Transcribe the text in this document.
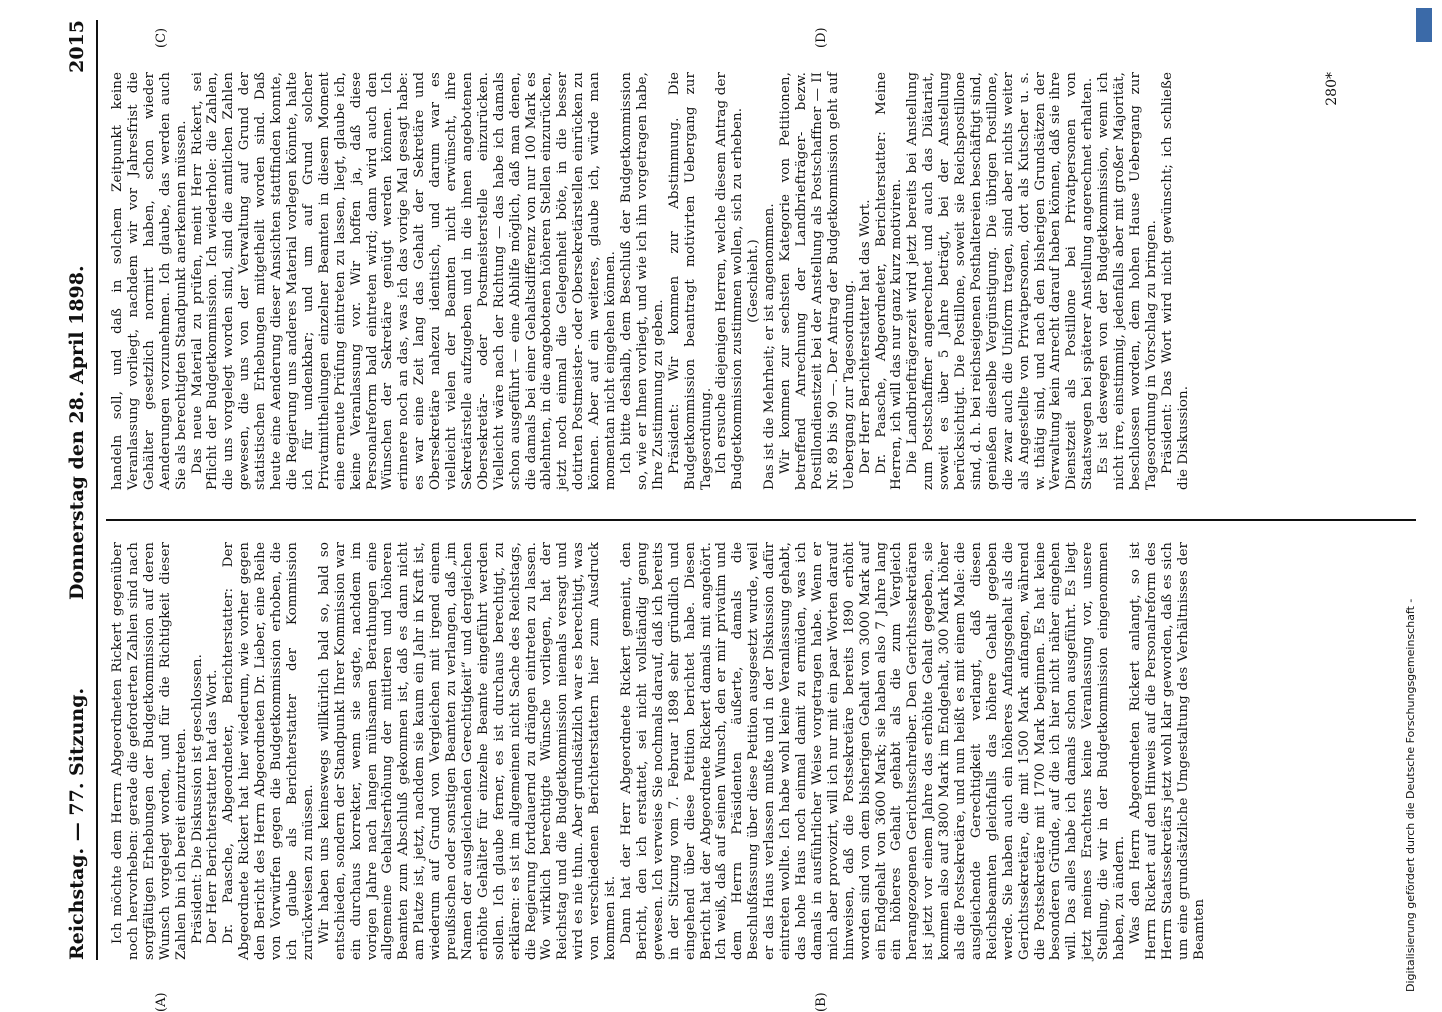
Reichstag. — 77. Sitzung.
Donnerstag den 28. April 1898.
2015
(A)	(B)
(C)	(D)

Ich möchte dem Herrn Abgeordneten Rickert gegenüber noch hervorheben: gerade die geforderten Zahlen sind nach sorgfältigen Erhebungen der Budgetkommission auf deren Wunsch vorgelegt worden, und für die Richtigkeit dieser Zahlen bin ich bereit einzutreten. Präsident: Die Diskussion ist geschlossen. Der Herr Berichterstatter hat das Wort. Dr. Paasche, Abgeordneter, Berichterstatter: Der Abgeordnete Rickert hat hier wiederum, wie vorher gegen den Bericht des Herrn Abgeordneten Dr. Lieber, eine Reihe von Vorwürfen gegen die Budgetkommission erhoben, die ich glaube als Berichterstatter der Kommission zurückweisen zu müssen. Wir haben uns keineswegs willkürlich bald so, bald so entschieden, sondern der Standpunkt Ihrer Kommission war ein durchaus korrekter, wenn sie sagte, nachdem im vorigen Jahre nach langen mühsamen Berathungen eine allgemeine Gehaltserhöhung der mittleren und höheren Beamten zum Abschluß gekommen ist, daß es dann nicht am Platze ist, jetzt, nachdem sie kaum ein Jahr in Kraft ist, wiederum auf Grund von Vergleichen mit irgend einem preußischen oder sonstigen Beamten zu verlangen, daß „im Namen der ausgleichenden Gerechtigkeit“ und dergleichen erhöhte Gehälter für einzelne Beamte eingeführt werden sollen. Ich glaube ferner, es ist durchaus berechtigt, zu erklären: es ist im allgemeinen nicht Sache des Reichstags, die Regierung fortdauernd zu drängen eintreten zu lassen. Wo wirklich berechtigte Wünsche vorliegen, hat der Reichstag und die Budgetkommission niemals versagt und wird es nie thun. Aber grundsätzlich war es berechtigt, was von verschiedenen Berichterstattern hier zum Ausdruck kommen ist. Dann hat der Herr Abgeordnete Rickert gemeint, den Bericht, den ich erstattet, sei nicht vollständig genug gewesen. Ich verweise Sie nochmals darauf, daß ich bereits in der Sitzung vom 7. Februar 1898 sehr gründlich und eingehend über diese Petition berichtet habe. Diesen Bericht hat der Abgeordnete Rickert damals mit angehört. Ich weiß, daß auf seinen Wunsch, den er mir privatim und dem Herrn Präsidenten äußerte, damals die Beschlußfassung über diese Petition ausgesetzt wurde, weil er das Haus verlassen mußte und in der Diskussion dafür eintreten wollte. Ich habe wohl keine Veranlassung gehabt, das hohe Haus noch einmal damit zu ermüden, was ich damals in ausführlicher Weise vorgetragen habe. Wenn er mich aber provozirt, will ich nur mit ein paar Worten darauf hinweisen, daß die Postsekretäre bereits 1890 erhöht worden sind von dem bisherigen Gehalt von 3000 Mark auf ein Endgehalt von 3600 Mark; sie haben also 7 Jahre lang ein höheres Gehalt gehabt als die zum Vergleich herangezogenen Gerichtsschreiber. Den Gerichtssekretären ist jetzt vor einem Jahre das erhöhte Gehalt gegeben, sie kommen also auf 3800 Mark im Endgehalt, 300 Mark höher als die Postsekretäre, und nun heißt es mit einem Male: die ausgleichende Gerechtigkeit verlangt, daß diesen Reichsbeamten gleichfalls das höhere Gehalt gegeben werde. Sie haben auch ein höheres Anfangsgehalt als die Gerichtssekretäre, die mit 1500 Mark anfangen, während die Postsekretäre mit 1700 Mark beginnen. Es hat keine besonderen Gründe, auf die ich hier nicht näher eingehen will. Das alles habe ich damals schon ausgeführt. Es liegt jetzt meines Erachtens keine Veranlassung vor, unsere Stellung, die wir in der Budgetkommission eingenommen haben, zu ändern. Was den Herrn Abgeordneten Rickert anlangt, so ist Herrn Rickert auf den Hinweis auf die Personalreform des Herrn Staatssekretärs jetzt wohl klar geworden, daß es sich um eine grundsätzliche Umgestaltung des Verhältnisses der Beamten

handeln soll, und daß in solchem Zeitpunkt keine Veranlassung vorliegt, nachdem wir vor Jahresfrist die Gehälter gesetzlich normirt haben, schon wieder Aenderungen vorzunehmen. Ich glaube, das werden auch Sie als berechtigten Standpunkt anerkennen müssen. Das neue Material zu prüfen, meint Herr Rickert, sei Pflicht der Budgetkommission. Ich wiederhole: die Zahlen, die uns vorgelegt worden sind, sind die amtlichen Zahlen gewesen, die uns von der Verwaltung auf Grund der statistischen Erhebungen mitgetheilt worden sind. Daß heute eine Aenderung dieser Ansichten stattfinden konnte, die Regierung uns anderes Material vorlegen könnte, halte ich für undenkbar; und um auf Grund solcher Privatmittheilungen einzelner Beamten in diesem Moment eine erneute Prüfung eintreten zu lassen, liegt, glaube ich, keine Veranlassung vor. Wir hoffen ja, daß diese Personalreform bald eintreten wird; dann wird auch den Wünschen der Sekretäre genügt werden können. Ich erinnere noch an das, was ich das vorige Mal gesagt habe: es war eine Zeit lang das Gehalt der Sekretäre und Obersekretäre nahezu identisch, und darum war es vielleicht vielen der Beamten nicht erwünscht, ihre Sekretärstelle aufzugeben und in die ihnen angebotenen Obersekretär- oder Postmeisterstelle einzurücken. Vielleicht wäre nach der Richtung — das habe ich damals schon ausgeführt — eine Abhilfe möglich, daß man denen, die damals bei einer Gehaltsdifferenz von nur 100 Mark es ablehnten, in die angebotenen höheren Stellen einzurücken, jetzt noch einmal die Gelegenheit böte, in die besser dotirten Postmeister- oder Obersekretärstellen einrücken zu können. Aber auf ein weiteres, glaube ich, würde man momentan nicht eingehen können. Ich bitte deshalb, dem Beschluß der Budgetkommission so, wie er Ihnen vorliegt, und wie ich ihn vorgetragen habe, Ihre Zustimmung zu geben. Präsident: Wir kommen zur Abstimmung. Die Budgetkommission beantragt motivirten Uebergang zur Tagesordnung. Ich ersuche diejenigen Herren, welche diesem Antrag der Budgetkommission zustimmen wollen, sich zu erheben. (Geschieht.) Das ist die Mehrheit; er ist angenommen. Wir kommen zur sechsten Kategorie von Petitionen, betreffend Anrechnung der Landbriefträger- bezw. Postillondienstzeit bei der Anstellung als Postschaffner — II Nr. 89 bis 90 —. Der Antrag der Budgetkommission geht auf Uebergang zur Tagesordnung. Der Herr Berichterstatter hat das Wort. Dr. Paasche, Abgeordneter, Berichterstatter: Meine Herren, ich will das nur ganz kurz motiviren. Die Landbriefträgerzeit wird jetzt bereits bei Anstellung zum Postschaffner angerechnet und auch das Diätariat, soweit es über 5 Jahre beträgt, bei der Anstellung berücksichtigt. Die Postillone, soweit sie Reichspostillone sind, d. h. bei reichseigenen Posthaltereien beschäftigt sind, genießen dieselbe Vergünstigung. Die übrigen Postillone, die zwar auch die Uniform tragen, sind aber nichts weiter als Angestellte von Privatpersonen, dort als Kutscher u. s. w. thätig sind, und nach den bisherigen Grundsätzen der Verwaltung kein Anrecht darauf haben können, daß sie ihre Dienstzeit als Postillone bei Privatpersonen von Staatswegen bei späterer Anstellung angerechnet erhalten. Es ist deswegen von der Budgetkommission, wenn ich nicht irre, einstimmig, jedenfalls aber mit großer Majorität, beschlossen worden, dem hohen Hause Uebergang zur Tagesordnung in Vorschlag zu bringen. Präsident: Das Wort wird nicht gewünscht; ich schließe die Diskussion.

280*
Digitalisierung gefördert durch die Deutsche Forschungsgemeinschaft -
